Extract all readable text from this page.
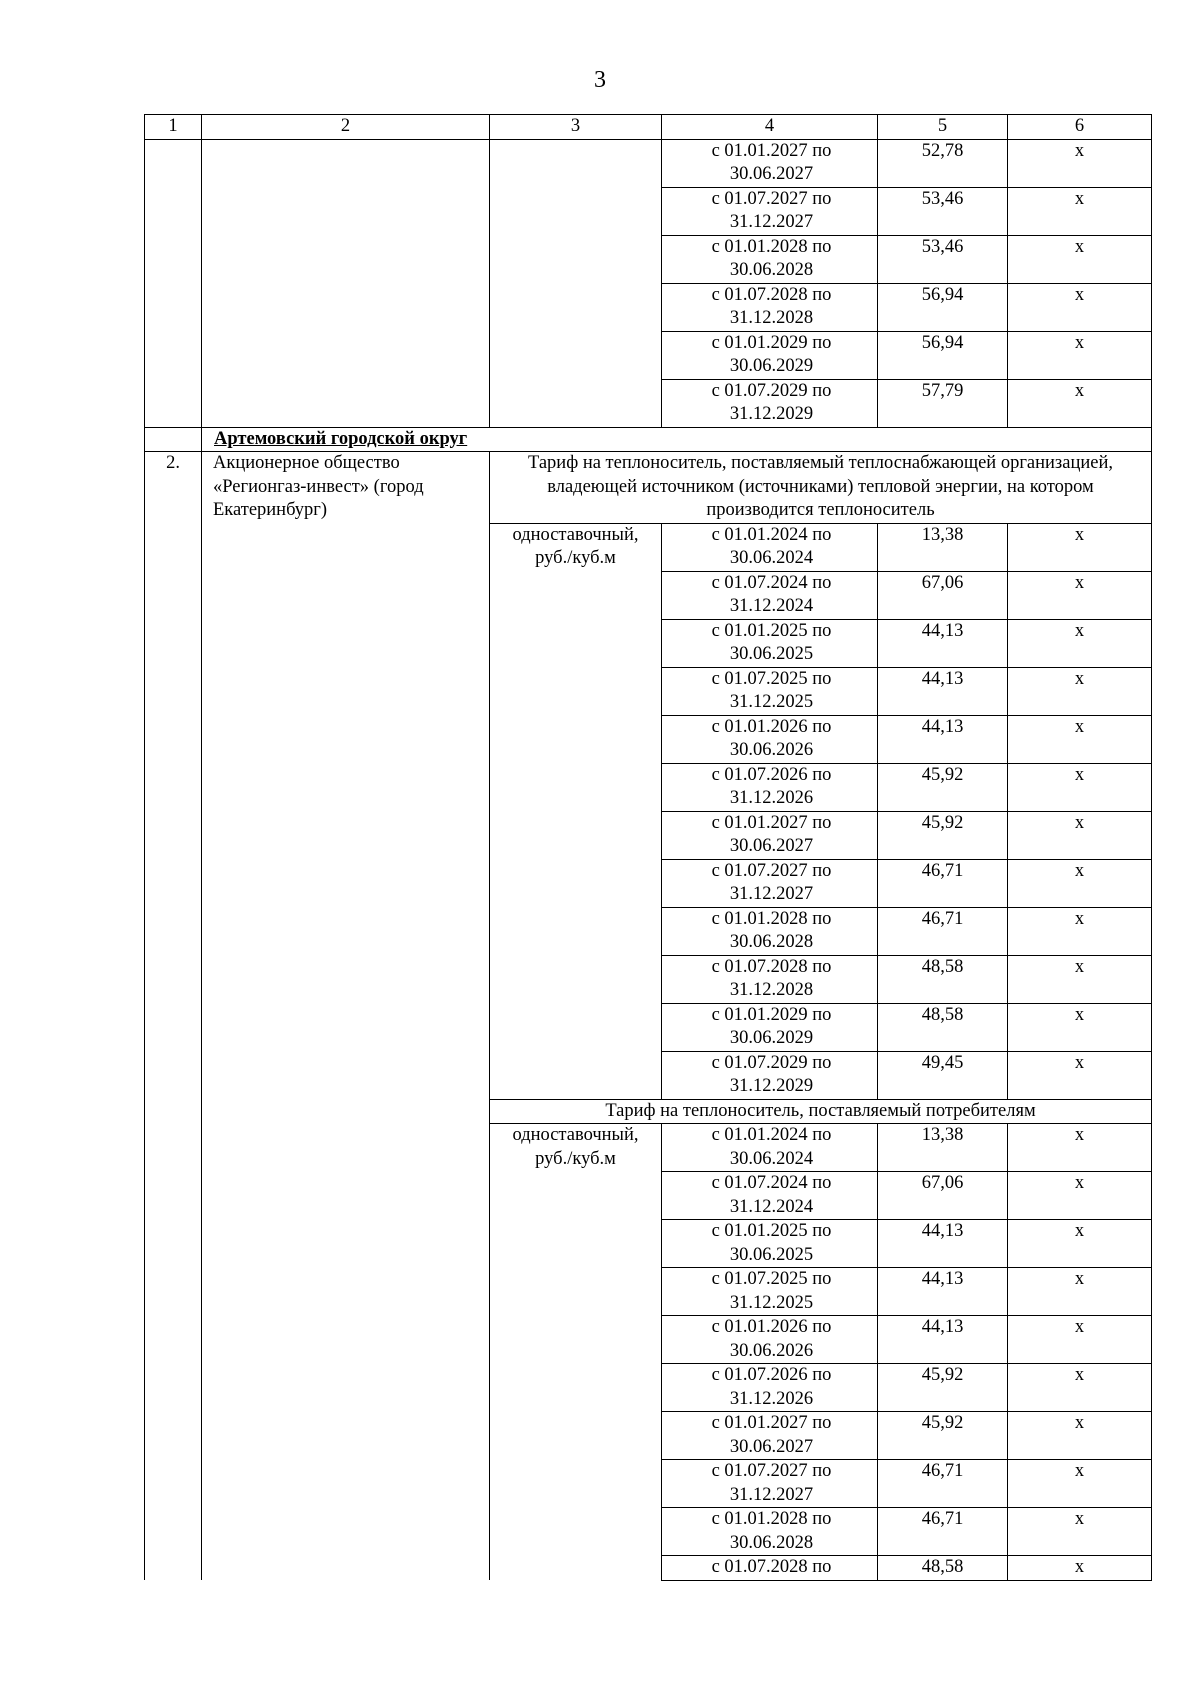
3
1	2	3	4	5	6
			с 01.01.2027 по 30.06.2027	52,78	х
			с 01.07.2027 по 31.12.2027	53,46	х
			с 01.01.2028 по 30.06.2028	53,46	х
			с 01.07.2028 по 31.12.2028	56,94	х
			с 01.01.2029 по 30.06.2029	56,94	х
			с 01.07.2029 по 31.12.2029	57,79	х
	Артемовский городской округ				
2.	Акционерное общество «Регионгаз-инвест» (город Екатеринбург)	Тариф на теплоноситель, поставляемый теплоснабжающей организацией, владеющей источником (источниками) тепловой энергии, на котором производится теплоноситель			
		одноставочный, руб./куб.м	с 01.01.2024 по 30.06.2024	13,38	х
			с 01.07.2024 по 31.12.2024	67,06	х
			с 01.01.2025 по 30.06.2025	44,13	х
			с 01.07.2025 по 31.12.2025	44,13	х
			с 01.01.2026 по 30.06.2026	44,13	х
			с 01.07.2026 по 31.12.2026	45,92	х
			с 01.01.2027 по 30.06.2027	45,92	х
			с 01.07.2027 по 31.12.2027	46,71	х
			с 01.01.2028 по 30.06.2028	46,71	х
			с 01.07.2028 по 31.12.2028	48,58	х
			с 01.01.2029 по 30.06.2029	48,58	х
			с 01.07.2029 по 31.12.2029	49,45	х
		Тариф на теплоноситель, поставляемый потребителям			
		одноставочный, руб./куб.м	с 01.01.2024 по 30.06.2024	13,38	х
			с 01.07.2024 по 31.12.2024	67,06	х
			с 01.01.2025 по 30.06.2025	44,13	х
			с 01.07.2025 по 31.12.2025	44,13	х
			с 01.01.2026 по 30.06.2026	44,13	х
			с 01.07.2026 по 31.12.2026	45,92	х
			с 01.01.2027 по 30.06.2027	45,92	х
			с 01.07.2027 по 31.12.2027	46,71	х
			с 01.01.2028 по 30.06.2028	46,71	х
			с 01.07.2028 по	48,58	х
